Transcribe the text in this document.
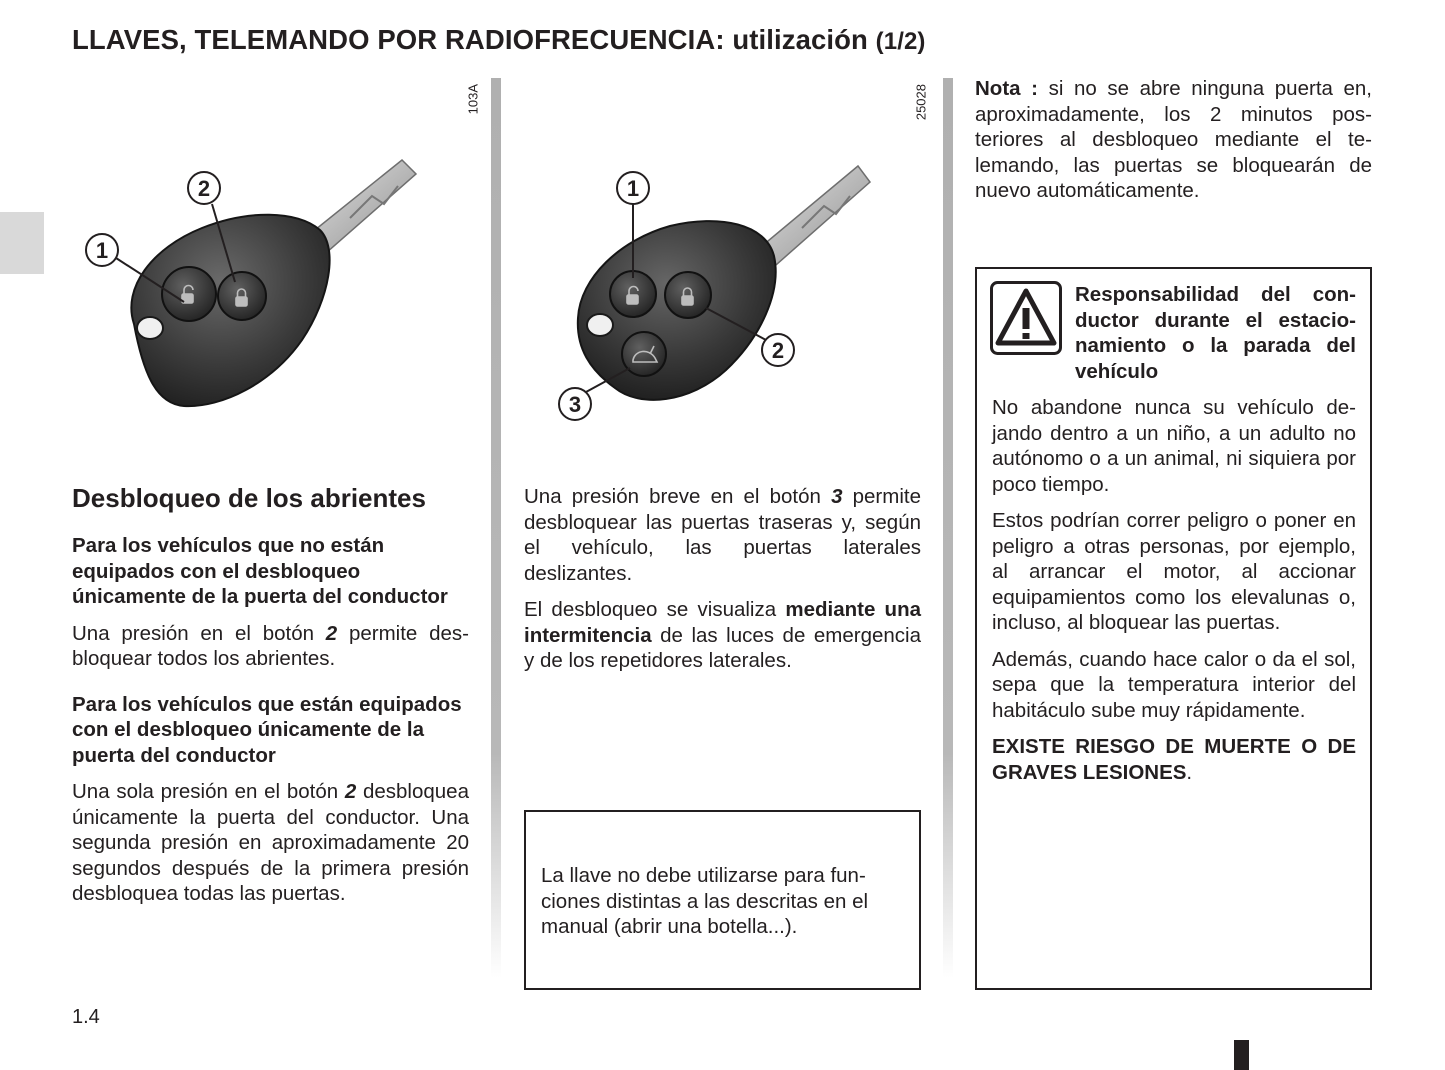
LLAVES, TELEMANDO POR RADIOFRECUENCIA: utilización (1/2)
1
2
103A
1
2
3
25028
Desbloqueo de los abrientes

Para los vehículos que no están equipados con el desbloqueo únicamente de la puerta del conductor

Una presión en el botón 2 permite desbloquear todos los abrientes.

Para los vehículos que están equipados con el desbloqueo únicamente de la puerta del conductor

Una sola presión en el botón 2 desbloquea únicamente la puerta del conductor. Una segunda presión en aproximadamente 20 segundos después de la primera presión desbloquea todas las puertas.

Una presión breve en el botón 3 permite desbloquear las puertas traseras y, según el vehículo, las puertas laterales deslizantes.

El desbloqueo se visualiza mediante una intermitencia de las luces de emergencia y de los repetidores laterales.

La llave no debe utilizarse para funciones distintas a las descritas en el manual (abrir una botella...).

Nota : si no se abre ninguna puerta en, aproximadamente, los 2 minutos posteriores al desbloqueo mediante el telemando, las puertas se bloquearán de nuevo automáticamente.

Responsabilidad del conductor durante el estacionamiento o la parada del vehículo

No abandone nunca su vehículo dejando dentro a un niño, a un adulto no autónomo o a un animal, ni siquiera por poco tiempo.

Estos podrían correr peligro o poner en peligro a otras personas, por ejemplo, al arrancar el motor, al accionar equipamientos como los elevalunas o, incluso, al bloquear las puertas.

Además, cuando hace calor o da el sol, sepa que la temperatura interior del habitáculo sube muy rápidamente.

EXISTE RIESGO DE MUERTE O DE GRAVES LESIONES.

1.4
